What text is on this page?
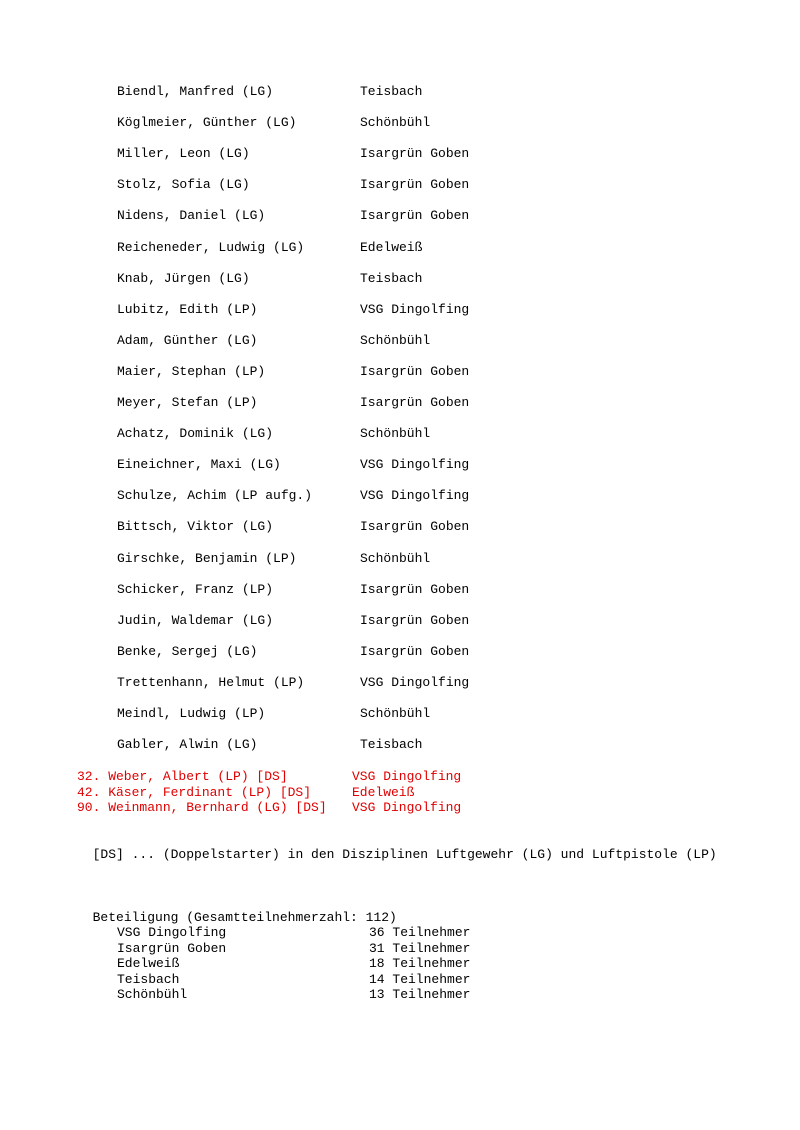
Biendl, Manfred (LG)	Teisbach
Köglmeier, Günther (LG)	Schönbühl
Miller, Leon (LG)	Isargrün Goben
Stolz, Sofia (LG)	Isargrün Goben
Nidens, Daniel (LG)	Isargrün Goben
Reicheneder, Ludwig (LG)	Edelweiß
Knab, Jürgen (LG)	Teisbach
Lubitz, Edith (LP)	VSG Dingolfing
Adam, Günther (LG)	Schönbühl
Maier, Stephan (LP)	Isargrün Goben
Meyer, Stefan (LP)	Isargrün Goben
Achatz, Dominik (LG)	Schönbühl
Eineichner, Maxi (LG)	VSG Dingolfing
Schulze, Achim (LP aufg.)	VSG Dingolfing
Bittsch, Viktor (LG)	Isargrün Goben
Girschke, Benjamin (LP)	Schönbühl
Schicker, Franz (LP)	Isargrün Goben
Judin, Waldemar (LG)	Isargrün Goben
Benke, Sergej (LG)	Isargrün Goben
Trettenhann, Helmut (LP)	VSG Dingolfing
Meindl, Ludwig (LP)	Schönbühl
Gabler, Alwin (LG)	Teisbach
32. Weber, Albert (LP) [DS]	VSG Dingolfing
42. Käser, Ferdinant (LP) [DS]	Edelweiß
90. Weinmann, Bernhard (LG) [DS] VSG Dingolfing

[DS] ... (Doppelstarter) in den Disziplinen Luftgewehr (LG) und Luftpistole (LP)

Beteiligung (Gesamtteilnehmerzahl: 112)

VSG Dingolfing	36 Teilnehmer
Isargrün Goben	31 Teilnehmer
Edelweiß	18 Teilnehmer
Teisbach	14 Teilnehmer
Schönbühl	13 Teilnehmer
